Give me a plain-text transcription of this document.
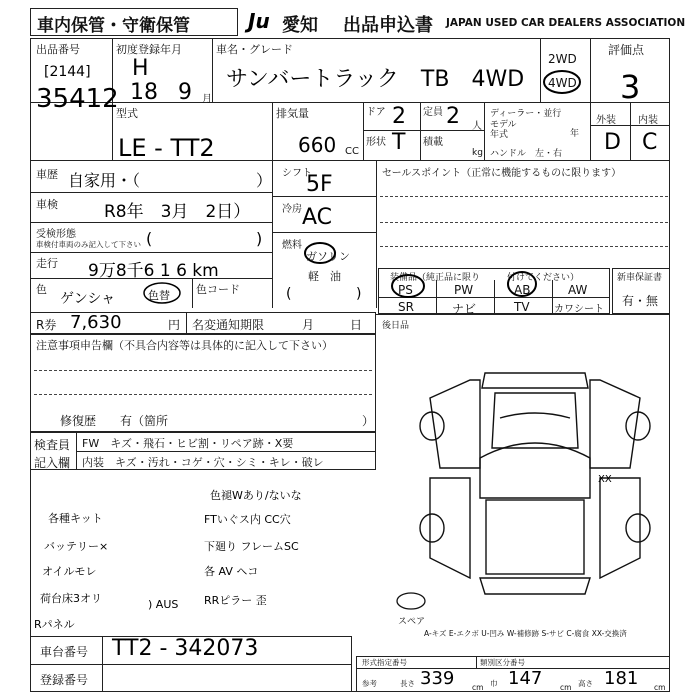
車内保管・守衛保管	Ju 愛知 出品申込書 JAPAN USED CAR DEALERS ASSOCIATION
出品番号
[2144]
35412
初度登録年月
H
18 9 月
車名・グレード
サンバートラック　TB　4WD
2WD
4WD
評価点
3
型式
LE - TT2
排気量
660 CC
ドア 2 定員 2 人
形状 T 積載
kg
ディーラー・並行
モデル
年式	年
ハンドル　左・右
外装 内装
D C
車歴 自家用・（	）
車検	R8年　3月　2日）
受検形態
車検付車両のみ記入して下さい (	)
走行 9万8千6 1 6 km
色
ゲンシャ	色替 色コード
シフト
5F
冷房 AC
燃料
ガソリン
軽　油
(	)
セールスポイント（正常に機能するものに限ります）
装備品（純正品に限り　　　付けてください）
PS	PW	AB	AW
SR	ナビ	TV カワシート
新車保証書
有・無
R券 7,630	円 名変通知期限	月	日 後日品
注意事項申告欄（不具合内容等は具体的に記入して下さい）
修復歴　　有（箇所	）
検査員
記入欄
FW　キズ・飛石・ヒビ割・リペア跡・X要
内装　キズ・汚れ・コゲ・穴・シミ・キレ・破レ
色褪Wあり/ないな
FTいぐス内 CC穴
下廻り フレームSC
各 AV ヘコ
RRピラー 歪
各種キット
バッテリー×
オイルモレ
荷台床3オリ
Rパネル
) AUS
XX
スペア
A-キズ E-エクボ U-凹み W-補修跡 S-サビ C-腐食 XX-交換済
車台番号 TT2 - 342073
登録番号
形式指定番号	類別区分番号
参考	長さ 339 cm 巾 147 cm 高さ 181 cm
